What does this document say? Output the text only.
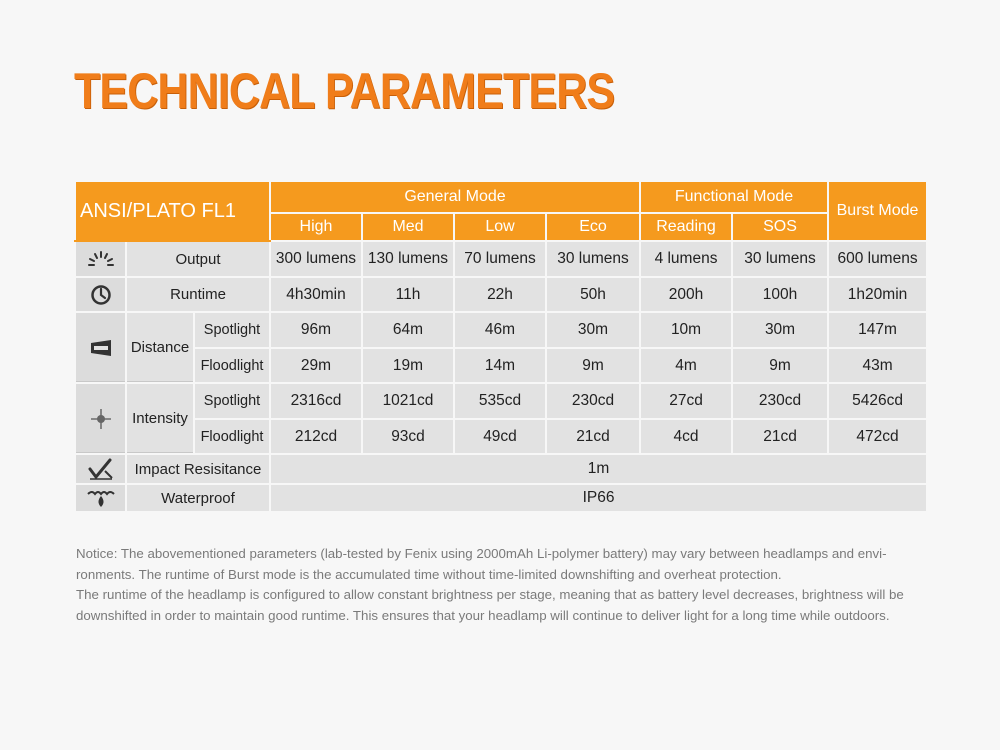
TECHNICAL PARAMETERS
ANSI/PLATO FL1			General Mode				Functional Mode		Burst Mode
			High	Med	Low	Eco	Reading	SOS	

	Output		300 lumens	130 lumens	70 lumens	30 lumens	4 lumens	30 lumens	600 lumens

	Runtime		4h30min	11h	22h	50h	200h	100h	1h20min

	Distance	Spotlight	96m	64m	46m	30m	10m	30m	147m
		Floodlight	29m	19m	14m	9m	4m	9m	43m

	Intensity	Spotlight	2316cd	1021cd	535cd	230cd	27cd	230cd	5426cd
		Floodlight	212cd	93cd	49cd	21cd	4cd	21cd	472cd

	Impact Resisitance		1m						

	Waterproof		IP66						

Notice: The abovementioned parameters (lab-tested by Fenix using 2000mAh Li-polymer battery) may vary between headlamps and envi-ronments. The runtime of Burst mode is the accumulated time without time-limited downshifting and overheat protection.

The runtime of the headlamp is configured to allow constant brightness per stage, meaning that as battery level decreases, brightness will be downshifted in order to maintain good runtime. This ensures that your headlamp will continue to deliver light for a long time while outdoors.
